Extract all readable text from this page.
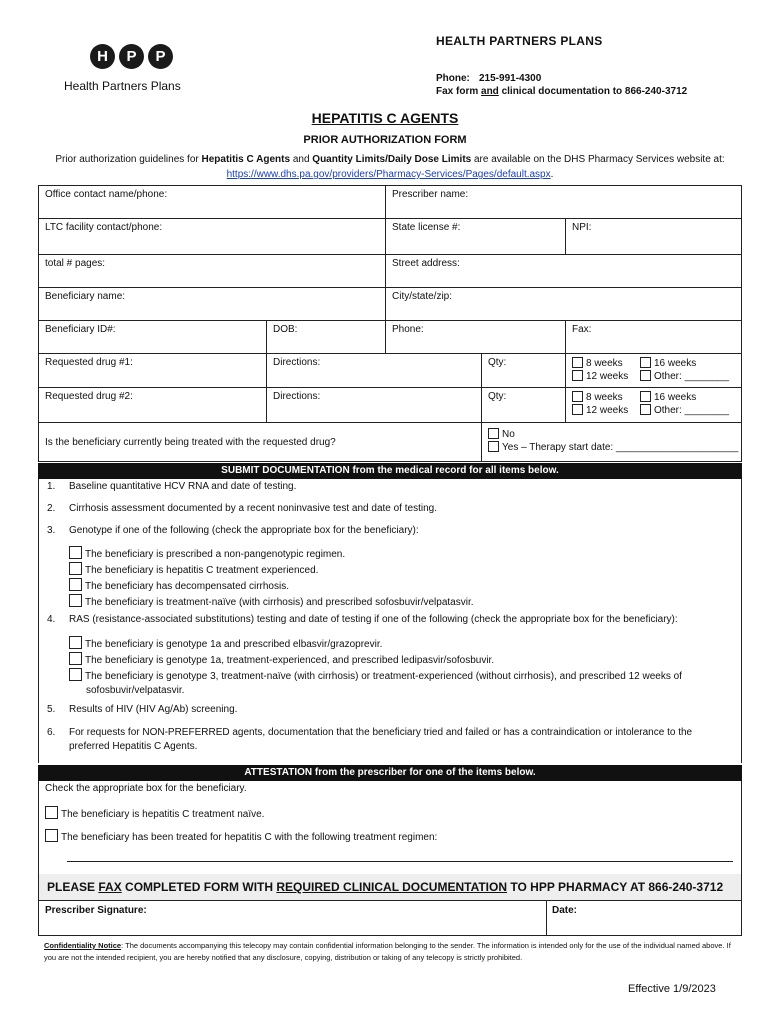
H	P	P
Health Partners Plans
HEALTH PARTNERS PLANS
Phone: 215-991-4300
Fax form and clinical documentation to 866-240-3712
HEPATITIS C AGENTS
PRIOR AUTHORIZATION FORM
Prior authorization guidelines for Hepatitis C Agents and Quantity Limits/Daily Dose Limits are available on the DHS Pharmacy Services website at: https://www.dhs.pa.gov/providers/Pharmacy-Services/Pages/default.aspx.
Office contact name/phone:	Prescriber name:
LTC facility contact/phone:	State license #:	NPI:
total # pages:	Street address:
Beneficiary name:	City/state/zip:
Beneficiary ID#:	DOB:	Phone:	Fax:
Requested drug #1:	Directions:	Qty:	8 weeks	16 weeks
12 weeks	Other: ________
Requested drug #2:	Directions:	Qty:	8 weeks	16 weeks
12 weeks	Other: ________
Is the beneficiary currently being treated with the requested drug?
No
Yes – Therapy start date: ______________________
SUBMIT DOCUMENTATION from the medical record for all items below.
1.	Baseline quantitative HCV RNA and date of testing.
2.	Cirrhosis assessment documented by a recent noninvasive test and date of testing.
3.	Genotype if one of the following (check the appropriate box for the beneficiary):
The beneficiary is prescribed a non-pangenotypic regimen.
The beneficiary is hepatitis C treatment experienced.
The beneficiary has decompensated cirrhosis.
The beneficiary is treatment-naïve (with cirrhosis) and prescribed sofosbuvir/velpatasvir.
4.	RAS (resistance-associated substitutions) testing and date of testing if one of the following (check the appropriate box for the beneficiary):
The beneficiary is genotype 1a and prescribed elbasvir/grazoprevir.
The beneficiary is genotype 1a, treatment-experienced, and prescribed ledipasvir/sofosbuvir.
The beneficiary is genotype 3, treatment-naïve (with cirrhosis) or treatment-experienced (without cirrhosis), and prescribed 12 weeks of sofosbuvir/velpatasvir.
5.	Results of HIV (HIV Ag/Ab) screening.
6.	For requests for NON-PREFERRED agents, documentation that the beneficiary tried and failed or has a contraindication or intolerance to the preferred Hepatitis C Agents.
ATTESTATION from the prescriber for one of the items below.
Check the appropriate box for the beneficiary.
The beneficiary is hepatitis C treatment naïve.
The beneficiary has been treated for hepatitis C with the following treatment regimen:
PLEASE FAX COMPLETED FORM WITH REQUIRED CLINICAL DOCUMENTATION TO HPP PHARMACY AT 866-240-3712
Prescriber Signature:	Date:
Confidentiality Notice: The documents accompanying this telecopy may contain confidential information belonging to the sender. The information is intended only for the use of the individual named above. If you are not the intended recipient, you are hereby notified that any disclosure, copying, distribution or taking of any telecopy is strictly prohibited.
Effective 1/9/2023
